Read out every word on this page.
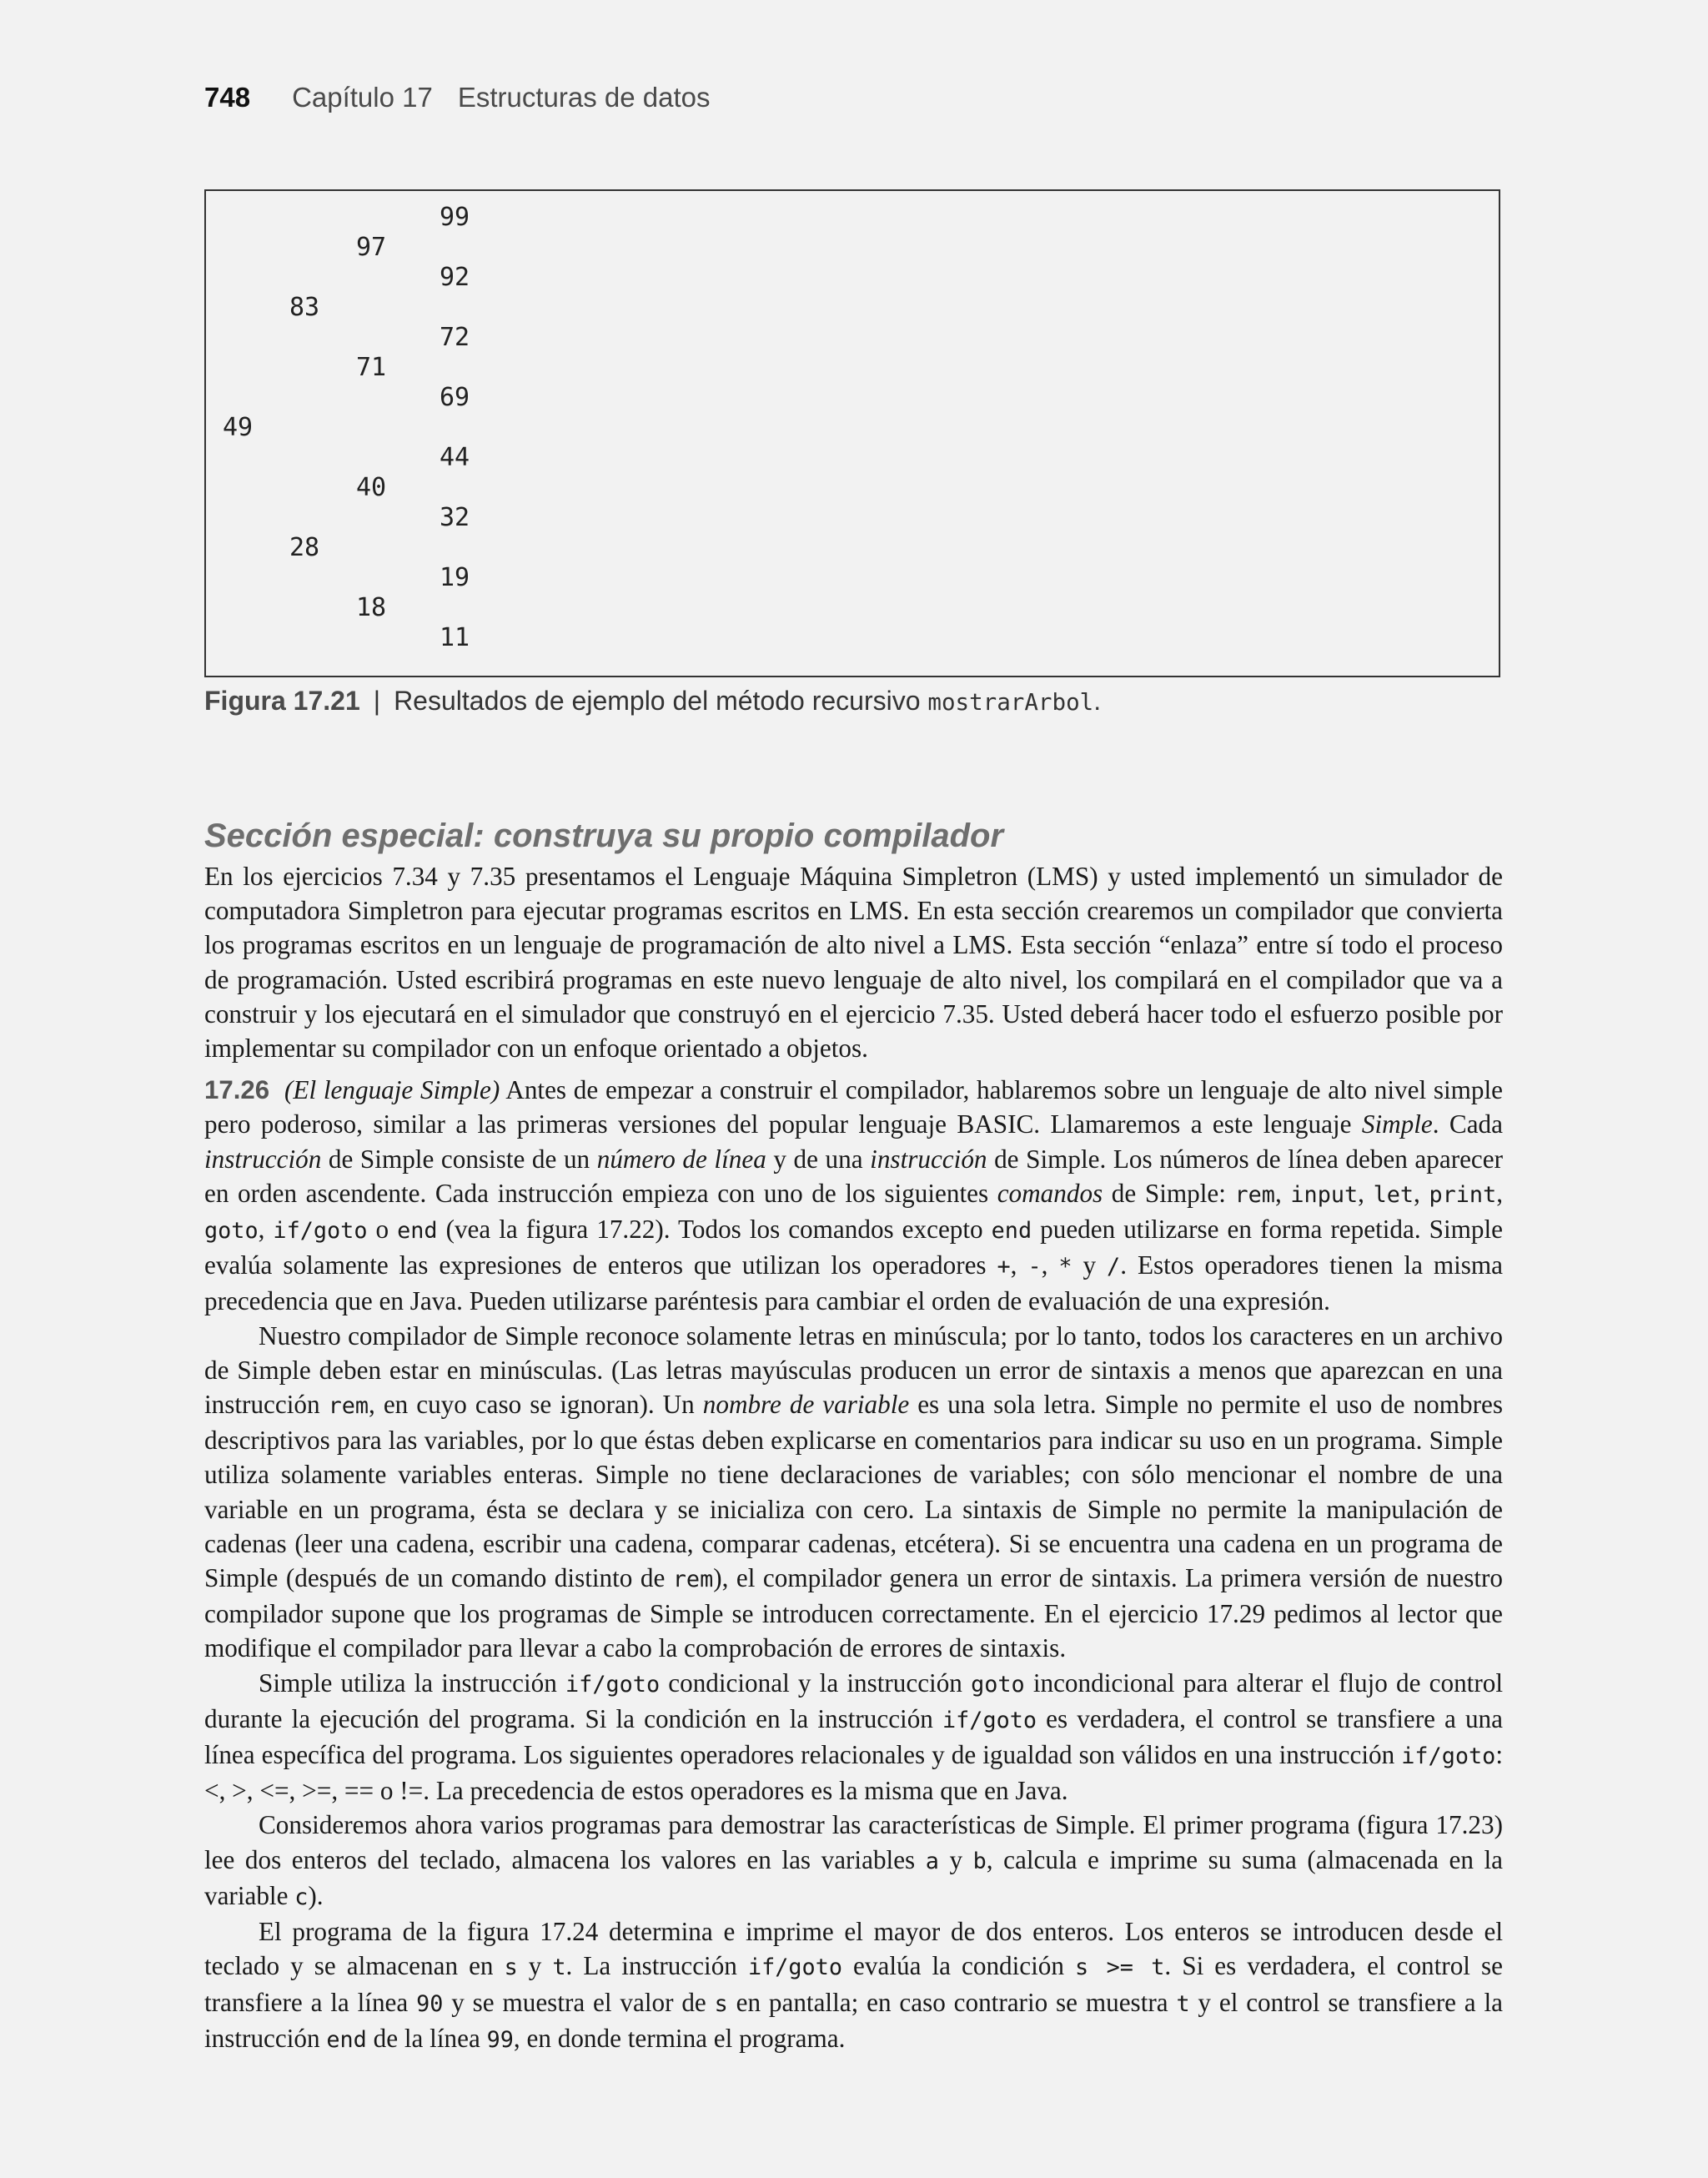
748 Capítulo 17 Estructuras de datos
99
97
92
83
72
71
69
49
44
40
32
28
19
18
11
Figura 17.21 | Resultados de ejemplo del método recursivo mostrarArbol.
Sección especial: construya su propio compilador

En los ejercicios 7.34 y 7.35 presentamos el Lenguaje Máquina Simpletron (LMS) y usted implementó un simulador de computadora Simpletron para ejecutar programas escritos en LMS. En esta sección crearemos un compilador que convierta los programas escritos en un lenguaje de programación de alto nivel a LMS. Esta sección “enlaza” entre sí todo el proceso de programación. Usted escribirá programas en este nuevo lenguaje de alto nivel, los compilará en el compilador que va a construir y los ejecutará en el simulador que construyó en el ejercicio 7.35. Usted deberá hacer todo el esfuerzo posible por implementar su compilador con un enfoque orientado a objetos.

17.26 (El lenguaje Simple) Antes de empezar a construir el compilador, hablaremos sobre un lenguaje de alto nivel simple pero poderoso, similar a las primeras versiones del popular lenguaje BASIC. Llamaremos a este lenguaje Simple. Cada instrucción de Simple consiste de un número de línea y de una instrucción de Simple. Los números de línea deben aparecer en orden ascendente. Cada instrucción empieza con uno de los siguientes comandos de Simple: rem, input, let, print, goto, if/goto o end (vea la figura 17.22). Todos los comandos excepto end pueden utilizarse en forma repetida. Simple evalúa solamente las expresiones de enteros que utilizan los operadores +, -, * y /. Estos operadores tienen la misma precedencia que en Java. Pueden utilizarse paréntesis para cambiar el orden de evaluación de una expresión.

Nuestro compilador de Simple reconoce solamente letras en minúscula; por lo tanto, todos los caracteres en un archivo de Simple deben estar en minúsculas. (Las letras mayúsculas producen un error de sintaxis a menos que aparezcan en una instrucción rem, en cuyo caso se ignoran). Un nombre de variable es una sola letra. Simple no permite el uso de nombres descriptivos para las variables, por lo que éstas deben explicarse en comentarios para indicar su uso en un programa. Simple utiliza solamente variables enteras. Simple no tiene declaraciones de variables; con sólo mencionar el nombre de una variable en un programa, ésta se declara y se inicializa con cero. La sintaxis de Simple no permite la manipulación de cadenas (leer una cadena, escribir una cadena, comparar cadenas, etcétera). Si se encuentra una cadena en un programa de Simple (después de un comando distinto de rem), el compilador genera un error de sintaxis. La primera versión de nuestro compilador supone que los programas de Simple se introducen correctamente. En el ejercicio 17.29 pedimos al lector que modifique el compilador para llevar a cabo la comprobación de errores de sintaxis.

Simple utiliza la instrucción if/goto condicional y la instrucción goto incondicional para alterar el flujo de control durante la ejecución del programa. Si la condición en la instrucción if/goto es verdadera, el control se transfiere a una línea específica del programa. Los siguientes operadores relacionales y de igualdad son válidos en una instrucción if/goto: <, >, <=, >=, == o !=. La precedencia de estos operadores es la misma que en Java.

Consideremos ahora varios programas para demostrar las características de Simple. El primer programa (figura 17.23) lee dos enteros del teclado, almacena los valores en las variables a y b, calcula e imprime su suma (almacenada en la variable c).

El programa de la figura 17.24 determina e imprime el mayor de dos enteros. Los enteros se introducen desde el teclado y se almacenan en s y t. La instrucción if/goto evalúa la condición s >= t. Si es verdadera, el control se transfiere a la línea 90 y se muestra el valor de s en pantalla; en caso contrario se muestra t y el control se transfiere a la instrucción end de la línea 99, en donde termina el programa.
